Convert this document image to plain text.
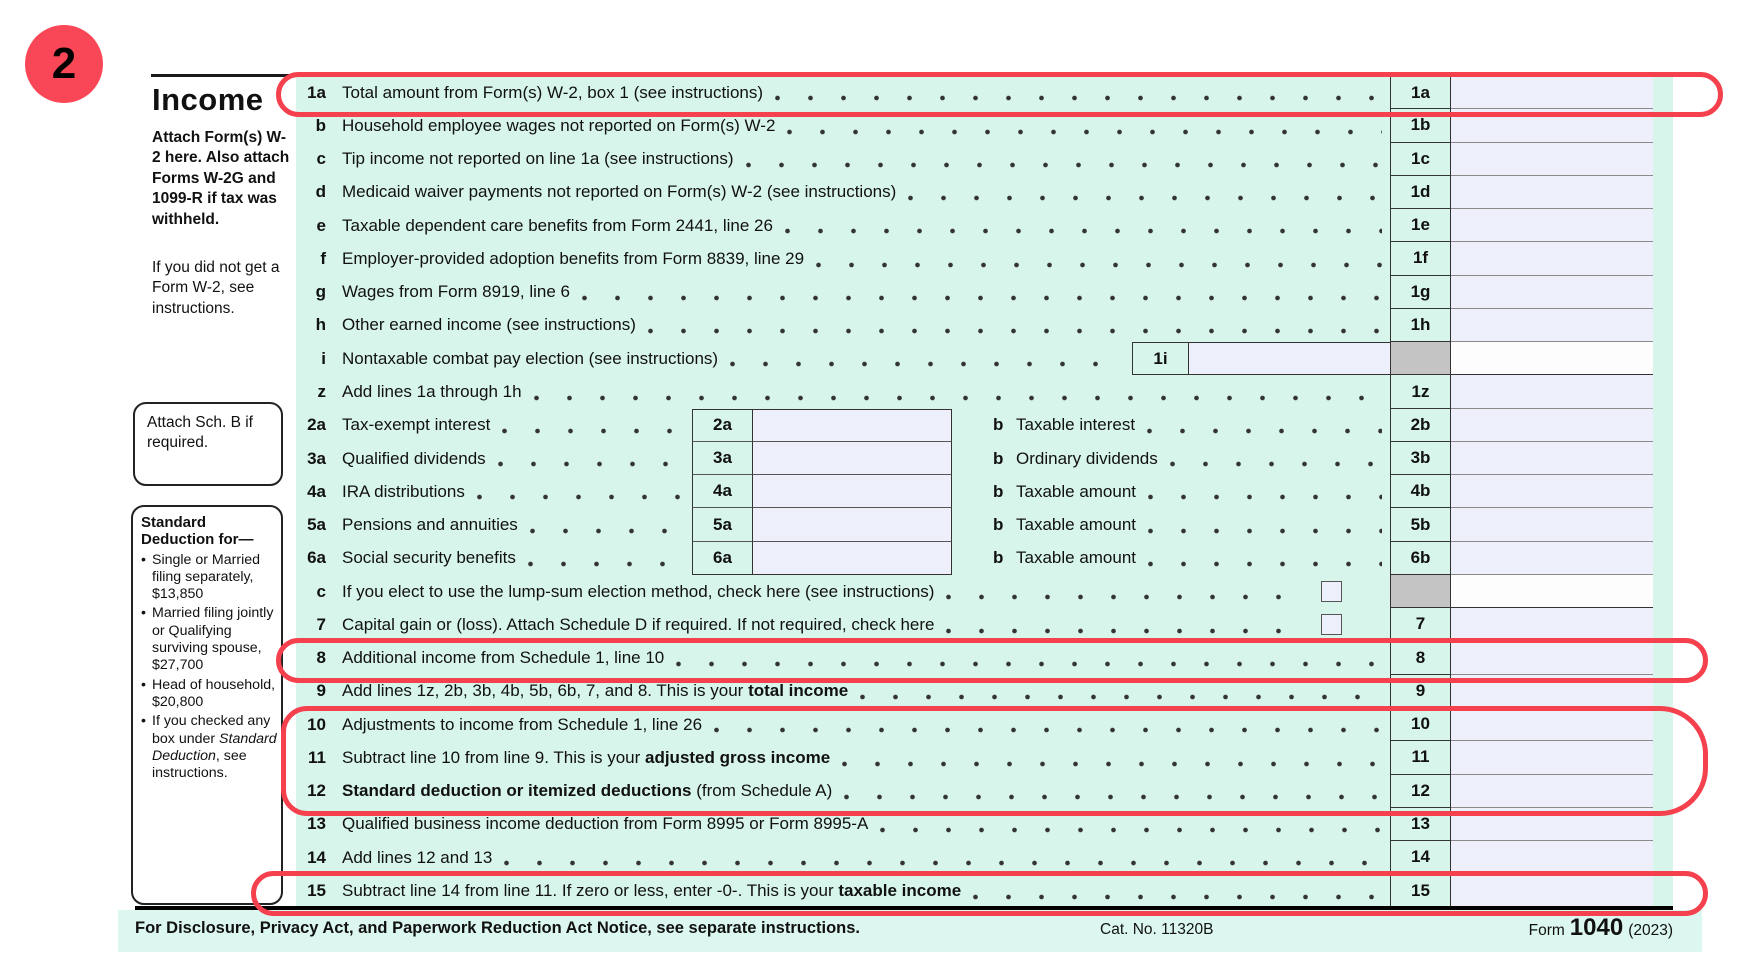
2
Income
Attach Form(s) W-2 here. Also attach Forms W-2G and 1099-R if tax was withheld.
If you did not get a Form W-2, see instructions.
Attach Sch. B if required.
Standard Deduction for—
• Single or Married filing separately, $13,850
• Married filing jointly or Qualifying surviving spouse, $27,700
• Head of household, $20,800
• If you checked any box under Standard Deduction, see instructions.
1a Total amount from Form(s) W-2, box 1 (see instructions)	1a
b Household employee wages not reported on Form(s) W-2	1b
c Tip income not reported on line 1a (see instructions)	1c
d Medicaid waiver payments not reported on Form(s) W-2 (see instructions)	1d
e Taxable dependent care benefits from Form 2441, line 26	1e
f Employer-provided adoption benefits from Form 8839, line 29	1f
g Wages from Form 8919, line 6	1g
h Other earned income (see instructions)	1h
i Nontaxable combat pay election (see instructions)	1i
z Add lines 1a through 1h	1z
2a Tax-exempt interest	2a	b Taxable interest	2b
3a Qualified dividends	3a	b Ordinary dividends	3b
4a IRA distributions	4a	b Taxable amount	4b
5a Pensions and annuities	5a	b Taxable amount	5b
6a Social security benefits	6a	b Taxable amount	6b
c If you elect to use the lump-sum election method, check here (see instructions)
7 Capital gain or (loss). Attach Schedule D if required. If not required, check here	7
8 Additional income from Schedule 1, line 10	8
9 Add lines 1z, 2b, 3b, 4b, 5b, 6b, 7, and 8. This is your total income	9
10 Adjustments to income from Schedule 1, line 26	10
11 Subtract line 10 from line 9. This is your adjusted gross income	11
12 Standard deduction or itemized deductions (from Schedule A)	12
13 Qualified business income deduction from Form 8995 or Form 8995-A	13
14 Add lines 12 and 13	14
15 Subtract line 14 from line 11. If zero or less, enter -0-. This is your taxable income	15
For Disclosure, Privacy Act, and Paperwork Reduction Act Notice, see separate instructions.	Cat. No. 11320B	Form 1040 (2023)
